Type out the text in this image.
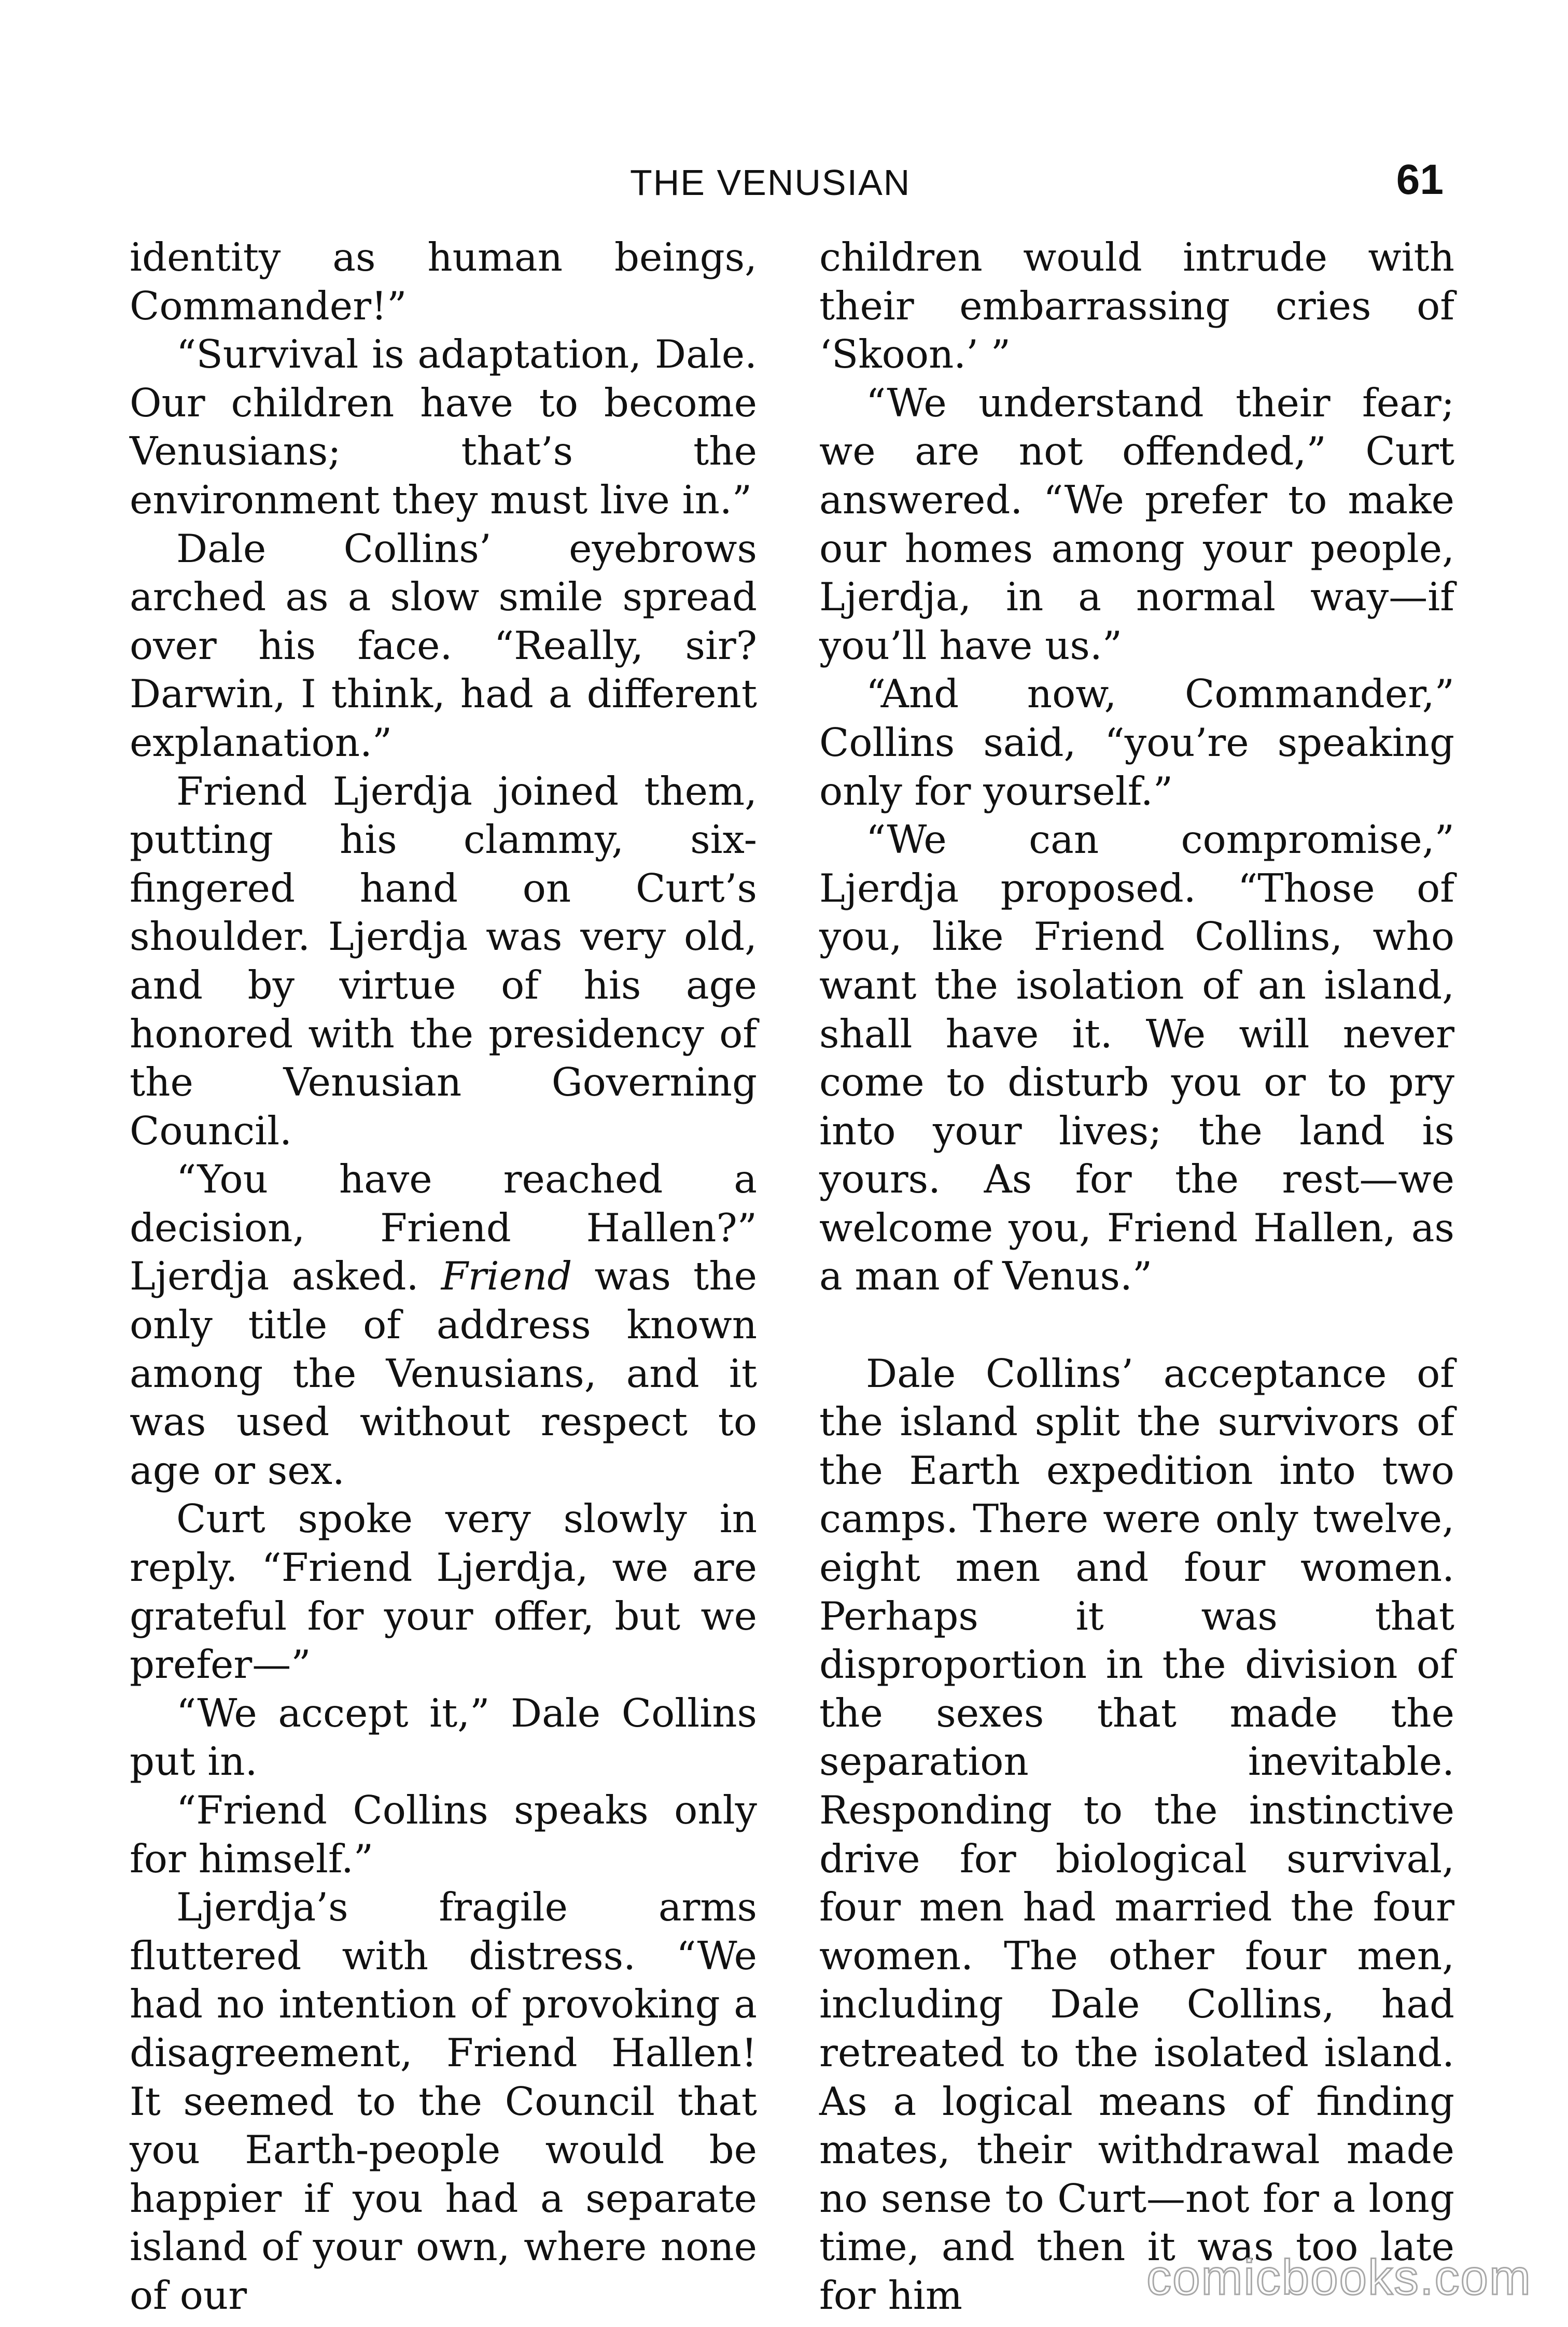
THE VENUSIAN	61

identity as human beings, Commander!”

“Survival is adaptation, Dale. Our children have to become Venusians; that’s the environment they must live in.”

Dale Collins’ eyebrows arched as a slow smile spread over his face. “Really, sir? Darwin, I think, had a different explanation.”

Friend Ljerdja joined them, putting his clammy, six-fingered hand on Curt’s shoulder. Ljerdja was very old, and by virtue of his age honored with the presidency of the Venusian Governing Council.

“You have reached a decision, Friend Hallen?” Ljerdja asked. Friend was the only title of address known among the Venusians, and it was used without respect to age or sex.

Curt spoke very slowly in reply. “Friend Ljerdja, we are grateful for your offer, but we prefer—”

“We accept it,” Dale Collins put in.

“Friend Collins speaks only for himself.”

Ljerdja’s fragile arms fluttered with distress. “We had no intention of provoking a disagreement, Friend Hallen! It seemed to the Council that you Earth-people would be happier if you had a separate island of your own, where none of our

children would intrude with their embarrassing cries of ‘Skoon.’ ”

“We understand their fear; we are not offended,” Curt answered. “We prefer to make our homes among your people, Ljerdja, in a normal way—if you’ll have us.”

“And now, Commander,” Collins said, “you’re speaking only for yourself.”

“We can compromise,” Ljerdja proposed. “Those of you, like Friend Collins, who want the isolation of an island, shall have it. We will never come to disturb you or to pry into your lives; the land is yours. As for the rest—we welcome you, Friend Hallen, as a man of Venus.”

Dale Collins’ acceptance of the island split the survivors of the Earth expedition into two camps. There were only twelve, eight men and four women. Perhaps it was that disproportion in the division of the sexes that made the separation inevitable. Responding to the instinctive drive for biological survival, four men had married the four women. The other four men, including Dale Collins, had retreated to the isolated island. As a logical means of finding mates, their withdrawal made no sense to Curt—not for a long time, and then it was too late for him	comicbooks.com
